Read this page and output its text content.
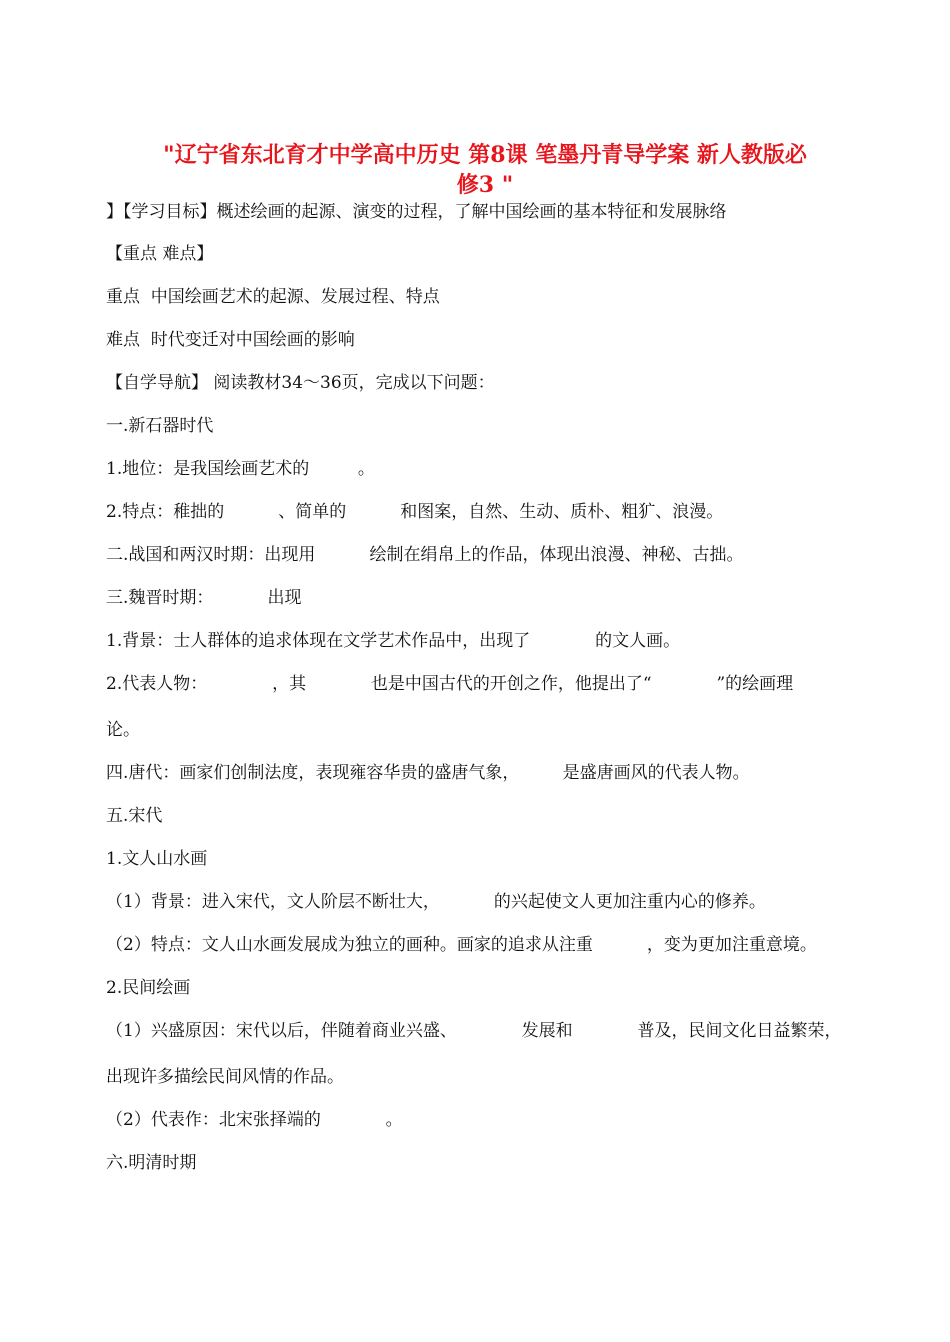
"辽宁省东北育才中学高中历史 第8课 笔墨丹青导学案 新人教版必
修3 "

】【学习目标】概述绘画的起源、演变的过程，了解中国绘画的基本特征和发展脉络

【重点 难点】

重点  中国绘画艺术的起源、发展过程、特点

难点  时代变迁对中国绘画的影响

【自学导航】 阅读教材34～36页，完成以下问题：

一.新石器时代

1.地位：是我国绘画艺术的         。

2.特点：稚拙的          、简单的          和图案，自然、生动、质朴、粗犷、浪漫。

二.战国和两汉时期：出现用          绘制在绢帛上的作品，体现出浪漫、神秘、古拙。

三.魏晋时期：          出现

1.背景：士人群体的追求体现在文学艺术作品中，出现了            的文人画。

2.代表人物：            ，其            也是中国古代的开创之作，他提出了“            ”的绘画理

论。

四.唐代：画家们创制法度，表现雍容华贵的盛唐气象，        是盛唐画风的代表人物。

五.宋代

1.文人山水画

（1）背景：进入宋代，文人阶层不断壮大，          的兴起使文人更加注重内心的修养。

（2）特点：文人山水画发展成为独立的画种。画家的追求从注重          ，变为更加注重意境。

2.民间绘画

（1）兴盛原因：宋代以后，伴随着商业兴盛、            发展和            普及，民间文化日益繁荣，

出现许多描绘民间风情的作品。

（2）代表作：北宋张择端的            。

六.明清时期
